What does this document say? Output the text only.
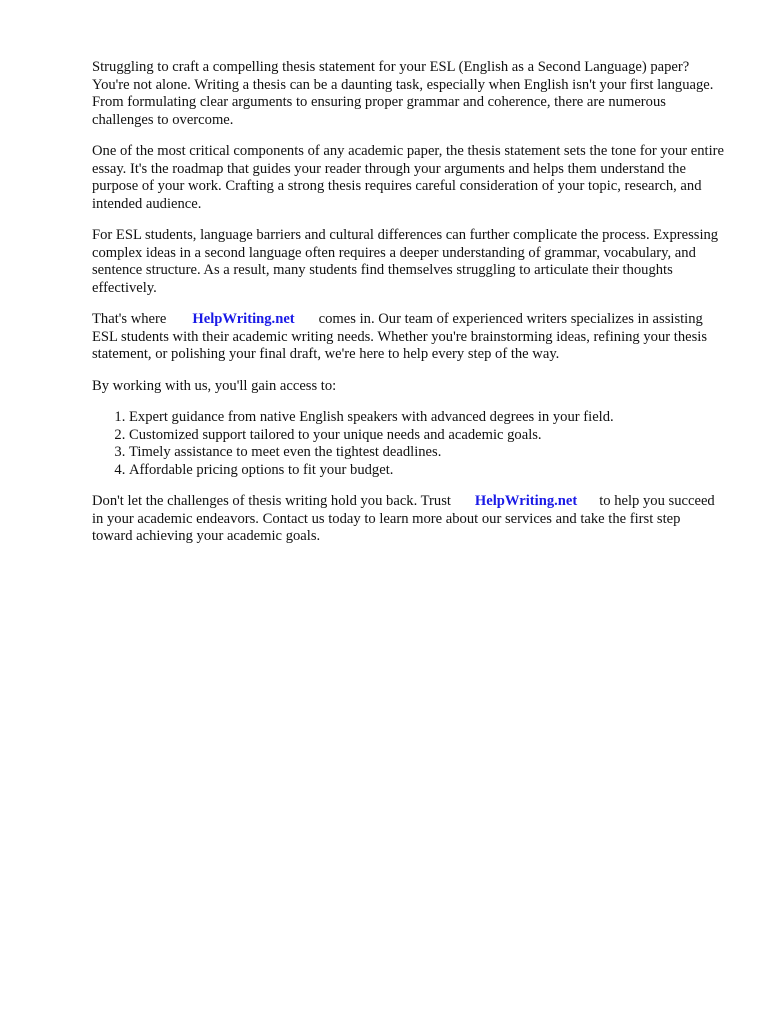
Struggling to craft a compelling thesis statement for your ESL (English as a Second Language) paper? You're not alone. Writing a thesis can be a daunting task, especially when English isn't your first language. From formulating clear arguments to ensuring proper grammar and coherence, there are numerous challenges to overcome.

One of the most critical components of any academic paper, the thesis statement sets the tone for your entire essay. It's the roadmap that guides your reader through your arguments and helps them understand the purpose of your work. Crafting a strong thesis requires careful consideration of your topic, research, and intended audience.

For ESL students, language barriers and cultural differences can further complicate the process. Expressing complex ideas in a second language often requires a deeper understanding of grammar, vocabulary, and sentence structure. As a result, many students find themselves struggling to articulate their thoughts effectively.

That's where HelpWriting.net comes in. Our team of experienced writers specializes in assisting ESL students with their academic writing needs. Whether you're brainstorming ideas, refining your thesis statement, or polishing your final draft, we're here to help every step of the way.

By working with us, you'll gain access to:

1. Expert guidance from native English speakers with advanced degrees in your field.
2. Customized support tailored to your unique needs and academic goals.
3. Timely assistance to meet even the tightest deadlines.
4. Affordable pricing options to fit your budget.

Don't let the challenges of thesis writing hold you back. Trust HelpWriting.net to help you succeed in your academic endeavors. Contact us today to learn more about our services and take the first step toward achieving your academic goals.
